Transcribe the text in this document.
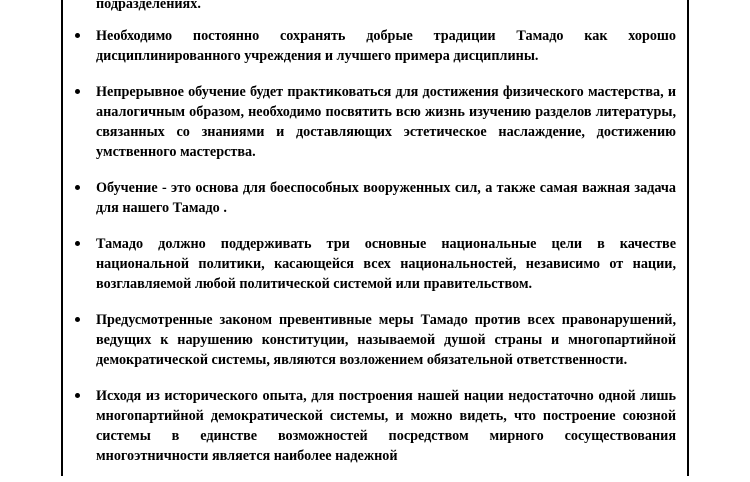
подразделениях.

Необходимо постоянно сохранять добрые традиции Тамадо как хорошо дисциплинированного учреждения и лучшего примера дисциплины.
Непрерывное обучение будет практиковаться для достижения физического мастерства, и аналогичным образом, необходимо посвятить всю жизнь изучению разделов литературы, связанных со знаниями и доставляющих эстетическое наслаждение, достижению умственного мастерства.
Обучение - это основа для боеспособных вооруженных сил, а также самая важная задача для нашего Тамадо .
Тамадо должно поддерживать три основные национальные цели в качестве национальной политики, касающейся всех национальностей, независимо от нации, возглавляемой любой политической системой или правительством.
Предусмотренные законом превентивные меры Тамадо против всех правонарушений, ведущих к нарушению конституции, называемой душой страны и многопартийной демократической системы, являются возложением обязательной ответственности.
Исходя из исторического опыта, для построения нашей нации недостаточно одной лишь многопартийной демократической системы, и можно видеть, что построение союзной системы в единстве возможностей посредством мирного сосуществования многоэтничности является наиболее надежной
